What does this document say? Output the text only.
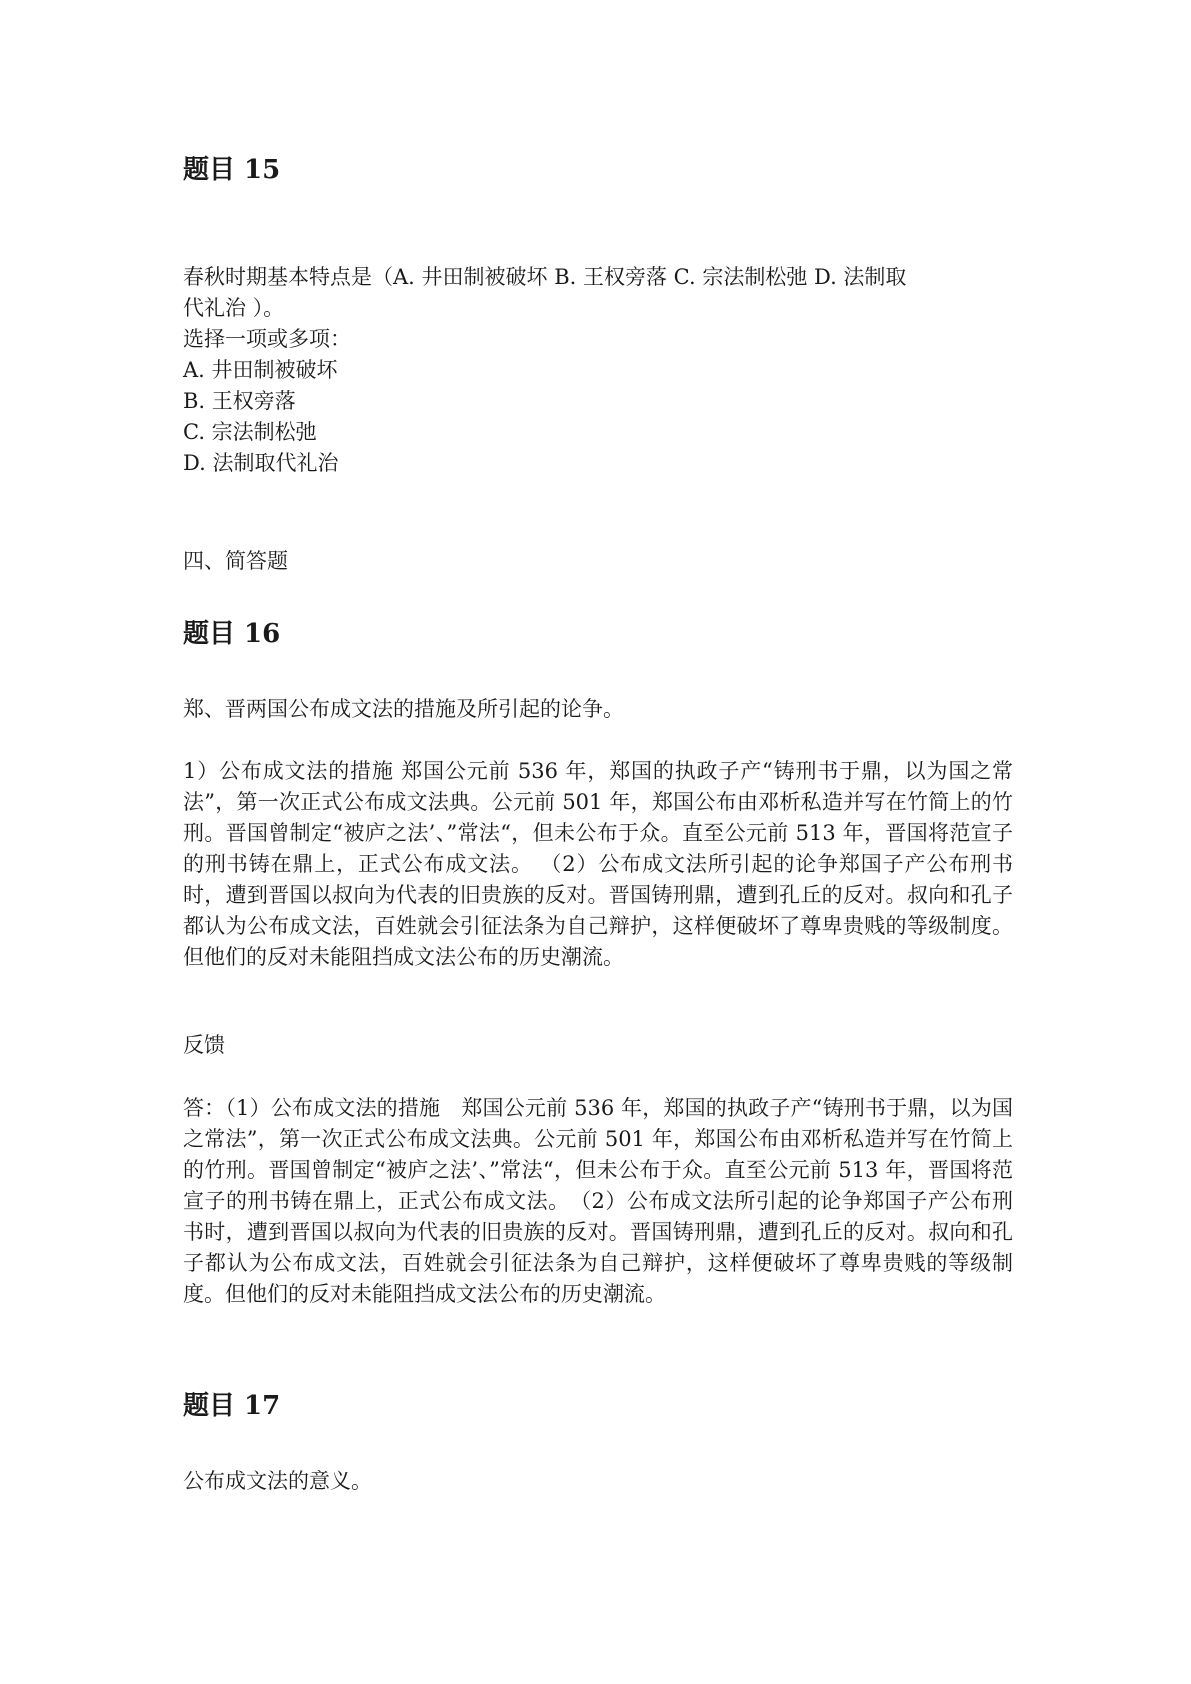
题目 15
春秋时期基本特点是（A. 井田制被破坏 B. 王权旁落 C. 宗法制松弛 D. 法制取
代礼治 ）。
选择一项或多项：
A. 井田制被破坏
B. 王权旁落
C. 宗法制松弛
D. 法制取代礼治
四、简答题
题目 16
郑、晋两国公布成文法的措施及所引起的论争。

1）公布成文法的措施 郑国公元前 536 年，郑国的执政子产“铸刑书于鼎，以为国之常法”，第一次正式公布成文法典。公元前 501 年，郑国公布由邓析私造并写在竹简上的竹刑。晋国曾制定“被庐之法’、”常法“，但未公布于众。直至公元前 513 年，晋国将范宣子的刑书铸在鼎上，正式公布成文法。 （2）公布成文法所引起的论争郑国子产公布刑书时，遭到晋国以叔向为代表的旧贵族的反对。晋国铸刑鼎，遭到孔丘的反对。叔向和孔子都认为公布成文法，百姓就会引征法条为自己辩护，这样便破坏了尊卑贵贱的等级制度。但他们的反对未能阻挡成文法公布的历史潮流。

反馈

答：（1）公布成文法的措施　郑国公元前 536 年，郑国的执政子产“铸刑书于鼎，以为国之常法”，第一次正式公布成文法典。公元前 501 年，郑国公布由邓析私造并写在竹简上的竹刑。晋国曾制定“被庐之法’、”常法“，但未公布于众。直至公元前 513 年，晋国将范宣子的刑书铸在鼎上，正式公布成文法。　（2）公布成文法所引起的论争郑国子产公布刑书时，遭到晋国以叔向为代表的旧贵族的反对。晋国铸刑鼎，遭到孔丘的反对。叔向和孔子都认为公布成文法，百姓就会引征法条为自己辩护，这样便破坏了尊卑贵贱的等级制度。但他们的反对未能阻挡成文法公布的历史潮流。

题目 17
公布成文法的意义。
